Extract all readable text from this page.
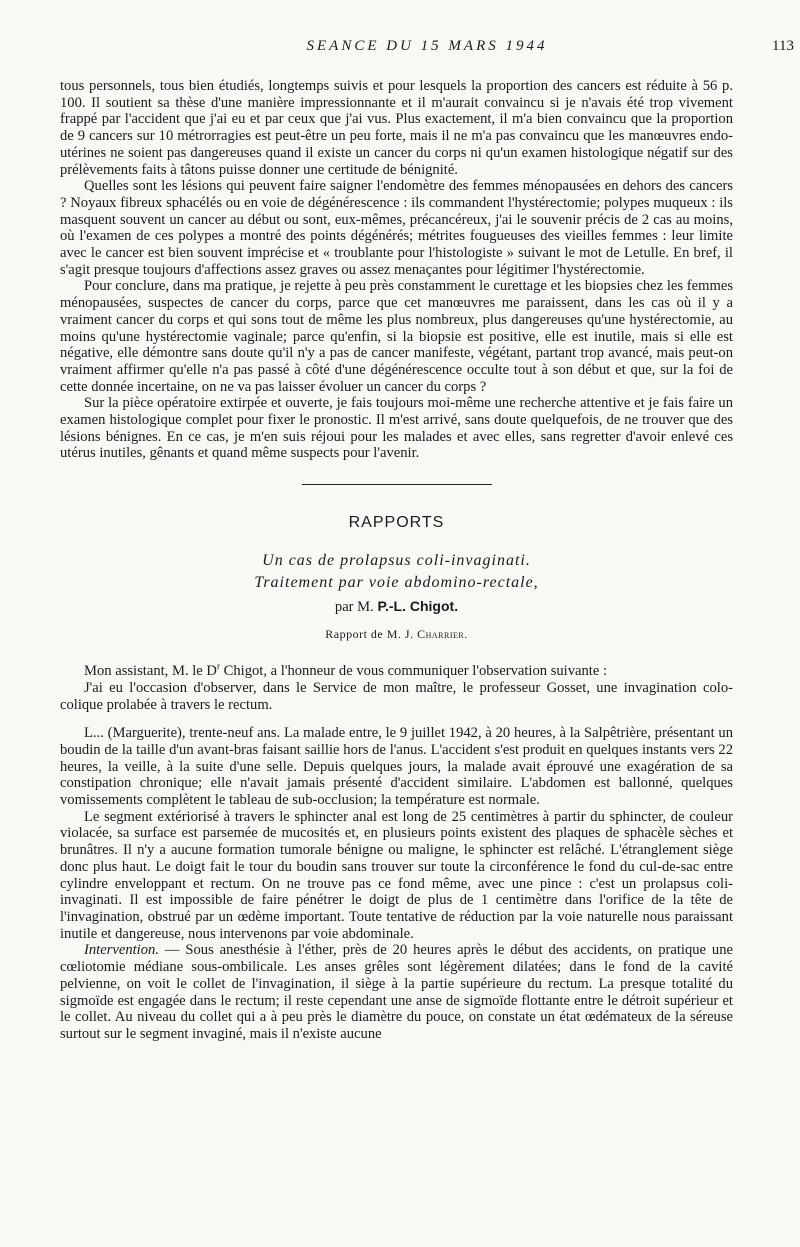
SEANCE DU 15 MARS 1944	113

tous personnels, tous bien étudiés, longtemps suivis et pour lesquels la proportion des cancers est réduite à 56 p. 100. Il soutient sa thèse d'une manière impressionnante et il m'aurait convaincu si je n'avais été trop vivement frappé par l'accident que j'ai eu et par ceux que j'ai vus. Plus exactement, il m'a bien convaincu que la proportion de 9 cancers sur 10 métrorragies est peut-être un peu forte, mais il ne m'a pas convaincu que les manœuvres endo-utérines ne soient pas dangereuses quand il existe un cancer du corps ni qu'un examen histologique négatif sur des prélèvements faits à tâtons puisse donner une certitude de bénignité.

Quelles sont les lésions qui peuvent faire saigner l'endomètre des femmes ménopausées en dehors des cancers ? Noyaux fibreux sphacélés ou en voie de dégénérescence : ils commandent l'hystérectomie; polypes muqueux : ils masquent souvent un cancer au début ou sont, eux-mêmes, précancéreux, j'ai le souvenir précis de 2 cas au moins, où l'examen de ces polypes a montré des points dégénérés; métrites fougueuses des vieilles femmes : leur limite avec le cancer est bien souvent imprécise et « troublante pour l'histologiste » suivant le mot de Letulle. En bref, il s'agit presque toujours d'affections assez graves ou assez menaçantes pour légitimer l'hystérectomie.

Pour conclure, dans ma pratique, je rejette à peu près constamment le curettage et les biopsies chez les femmes ménopausées, suspectes de cancer du corps, parce que cet manœuvres me paraissent, dans les cas où il y a vraiment cancer du corps et qui sons tout de même les plus nombreux, plus dangereuses qu'une hystérectomie, au moins qu'une hystérectomie vaginale; parce qu'enfin, si la biopsie est positive, elle est inutile, mais si elle est négative, elle démontre sans doute qu'il n'y a pas de cancer manifeste, végétant, partant trop avancé, mais peut-on vraiment affirmer qu'elle n'a pas passé à côté d'une dégénérescence occulte tout à son début et que, sur la foi de cette donnée incertaine, on ne va pas laisser évoluer un cancer du corps ?

Sur la pièce opératoire extirpée et ouverte, je fais toujours moi-même une recherche attentive et je fais faire un examen histologique complet pour fixer le pronostic. Il m'est arrivé, sans doute quelquefois, de ne trouver que des lésions bénignes. En ce cas, je m'en suis réjoui pour les malades et avec elles, sans regretter d'avoir enlevé ces utérus inutiles, gênants et quand même suspects pour l'avenir.

RAPPORTS
Un cas de prolapsus coli-invaginati.
Traitement par voie abdomino-rectale,
par M. P.-L. Chigot.
Rapport de M. J. Charrier.

Mon assistant, M. le $D^r$ Chigot, a l'honneur de vous communiquer l'observation suivante :

J'ai eu l'occasion d'observer, dans le Service de mon maître, le professeur Gosset, une invagination colo-colique prolabée à travers le rectum.

L... (Marguerite), trente-neuf ans. La malade entre, le 9 juillet 1942, à 20 heures, à la Salpêtrière, présentant un boudin de la taille d'un avant-bras faisant saillie hors de l'anus. L'accident s'est produit en quelques instants vers 22 heures, la veille, à la suite d'une selle. Depuis quelques jours, la malade avait éprouvé une exagération de sa constipation chronique; elle n'avait jamais présenté d'accident similaire. L'abdomen est ballonné, quelques vomissements complètent le tableau de sub-occlusion; la température est normale.

Le segment extériorisé à travers le sphincter anal est long de 25 centimètres à partir du sphincter, de couleur violacée, sa surface est parsemée de mucosités et, en plusieurs points existent des plaques de sphacèle sèches et brunâtres. Il n'y a aucune formation tumorale bénigne ou maligne, le sphincter est relâché. L'étranglement siège donc plus haut. Le doigt fait le tour du boudin sans trouver sur toute la circonférence le fond du cul-de-sac entre cylindre enveloppant et rectum. On ne trouve pas ce fond même, avec une pince : c'est un prolapsus coli-invaginati. Il est impossible de faire pénétrer le doigt de plus de 1 centimètre dans l'orifice de la tête de l'invagination, obstrué par un œdème important. Toute tentative de réduction par la voie naturelle nous paraissant inutile et dangereuse, nous intervenons par voie abdominale.

Intervention. — Sous anesthésie à l'éther, près de 20 heures après le début des accidents, on pratique une cœliotomie médiane sous-ombilicale. Les anses grêles sont légèrement dilatées; dans le fond de la cavité pelvienne, on voit le collet de l'invagination, il siège à la partie supérieure du rectum. La presque totalité du sigmoïde est engagée dans le rectum; il reste cependant une anse de sigmoïde flottante entre le détroit supérieur et le collet. Au niveau du collet qui a à peu près le diamètre du pouce, on constate un état œdémateux de la séreuse surtout sur le segment invaginé, mais il n'existe aucune
